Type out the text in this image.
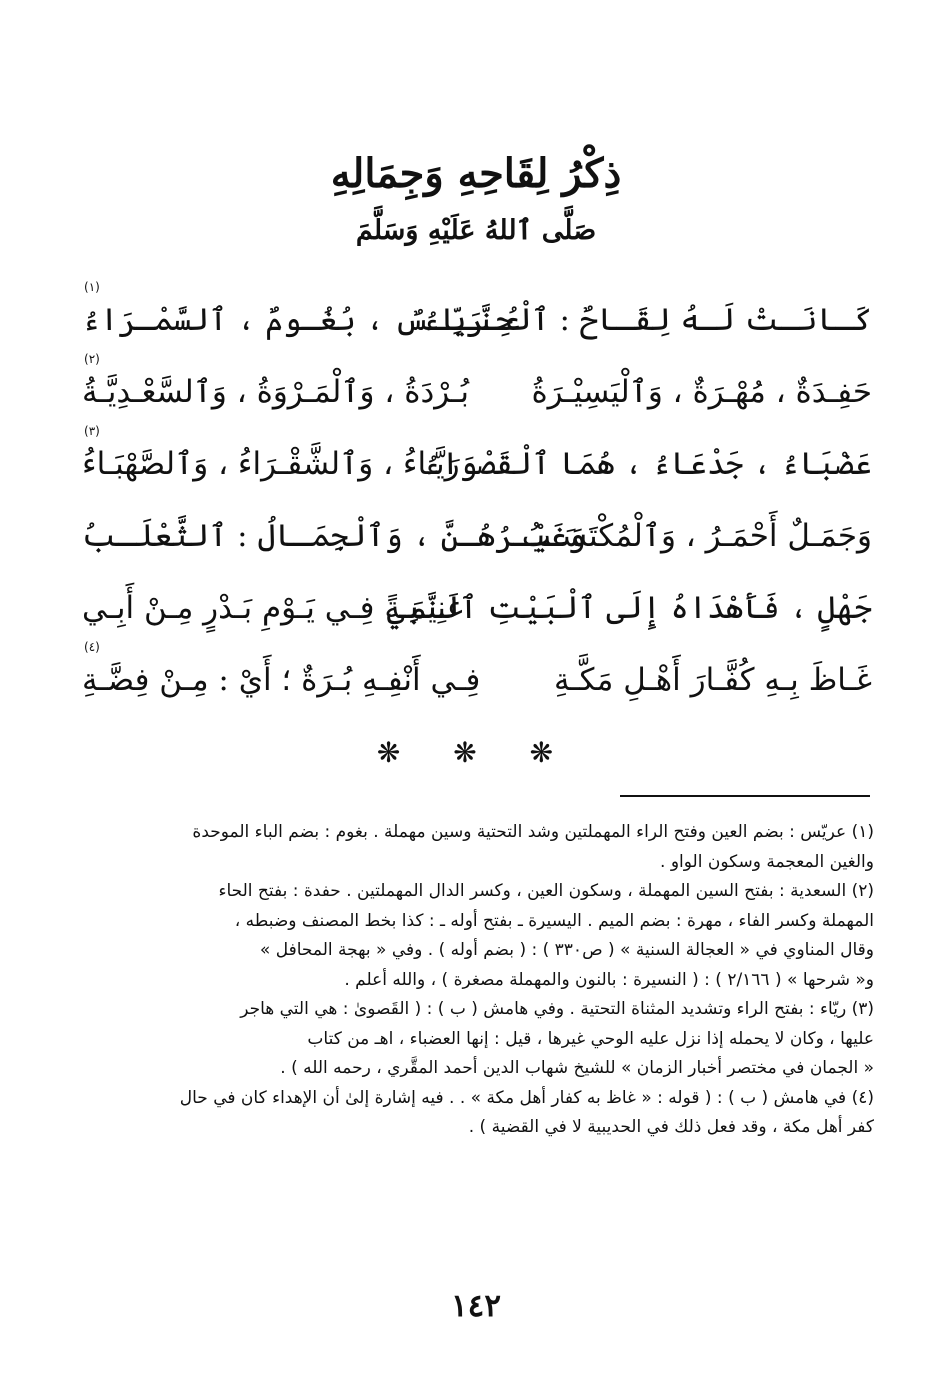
ذِكْرُ لِقَاحِهِ وَجِمَالِهِ
صَلَّى ٱللهُ عَلَيْهِ وَسَلَّمَ
كَـانَـتْ لَـهُ لِقَـاحٌ : ٱلْحِنَّـاءُ
عُـرَيِّـسٌ ، بُغُـومٌ ، ٱلسَّمْـرَاءُ
(١)
حَفِـدَةٌ ، مُهْـرَةٌ ، وَٱلْيَسِيْـرَةُ
بُـرْدَةُ ، وَٱلْمَـرْوَةُ ، وَٱلسَّعْـدِيَّـةُ
(٢)
عَضْبَاءُ ، جَدْعَاءُ ، هُمَا ٱلْقَصْوَاءُ
رَيَّـاءُ ، وَٱلشَّقْـرَاءُ ، وَٱلصَّهْبَـاءُ
(٣)
وَجَمَـلٌ أَحْمَـرُ ، وَٱلْمُكْتَسَـبُ
وَغَيْـرُهُـنَّ ، وَٱلْجِمَـالُ : ٱلثَّعْلَـبُ
جَهْلٍ ، فَأَهْدَاهُ إِلَى ٱلْبَيْتِ ٱلنَّبِي
غَنِيمَـةً فِـي يَـوْمِ بَـدْرٍ مِـنْ أَبِـي
غَـاظَ بِـهِ كُفَّـارَ أَهْـلِ مَكَّـةِ
فِـي أَنْفِـهِ بُـرَةٌ ؛ أَيْ : مِـنْ فِضَّـةِ
(٤)
❋ ❋ ❋
(١) عريّس : بضم العين وفتح الراء المهملتين وشد التحتية وسين مهملة . بغوم : بضم الباء الموحدة
والغين المعجمة وسكون الواو .
(٢) السعدية : بفتح السين المهملة ، وسكون العين ، وكسر الدال المهملتين . حفدة : بفتح الحاء
المهملة وكسر الفاء ، مهرة : بضم الميم . اليسيرة ـ بفتح أوله ـ : كذا بخط المصنف وضبطه ،
وقال المناوي في « العجالة السنية » ( ص٣٣٠ ) : ( بضم أوله ) . وفي « بهجة المحافل »
و« شرحها » ( ٢/١٦٦ ) : ( النسيرة : بالنون والمهملة مصغرة ) ، والله أعلم .
(٣) ريّاء : بفتح الراء وتشديد المثناة التحتية . وفي هامش ( ب ) : ( القَصوىٰ : هي التي هاجر
عليها ، وكان لا يحمله إذا نزل عليه الوحي غيرها ، قيل : إنها العضباء ، اهـ من كتاب
« الجمان في مختصر أخبار الزمان » للشيخ شهاب الدين أحمد المقَّري ، رحمه الله ) .
(٤) في هامش ( ب ) : ( قوله : « غاظ به كفار أهل مكة » . . فيه إشارة إلىٰ أن الإهداء كان في حال
كفر أهل مكة ، وقد فعل ذلك في الحديبية لا في القضية ) .
١٤٢
